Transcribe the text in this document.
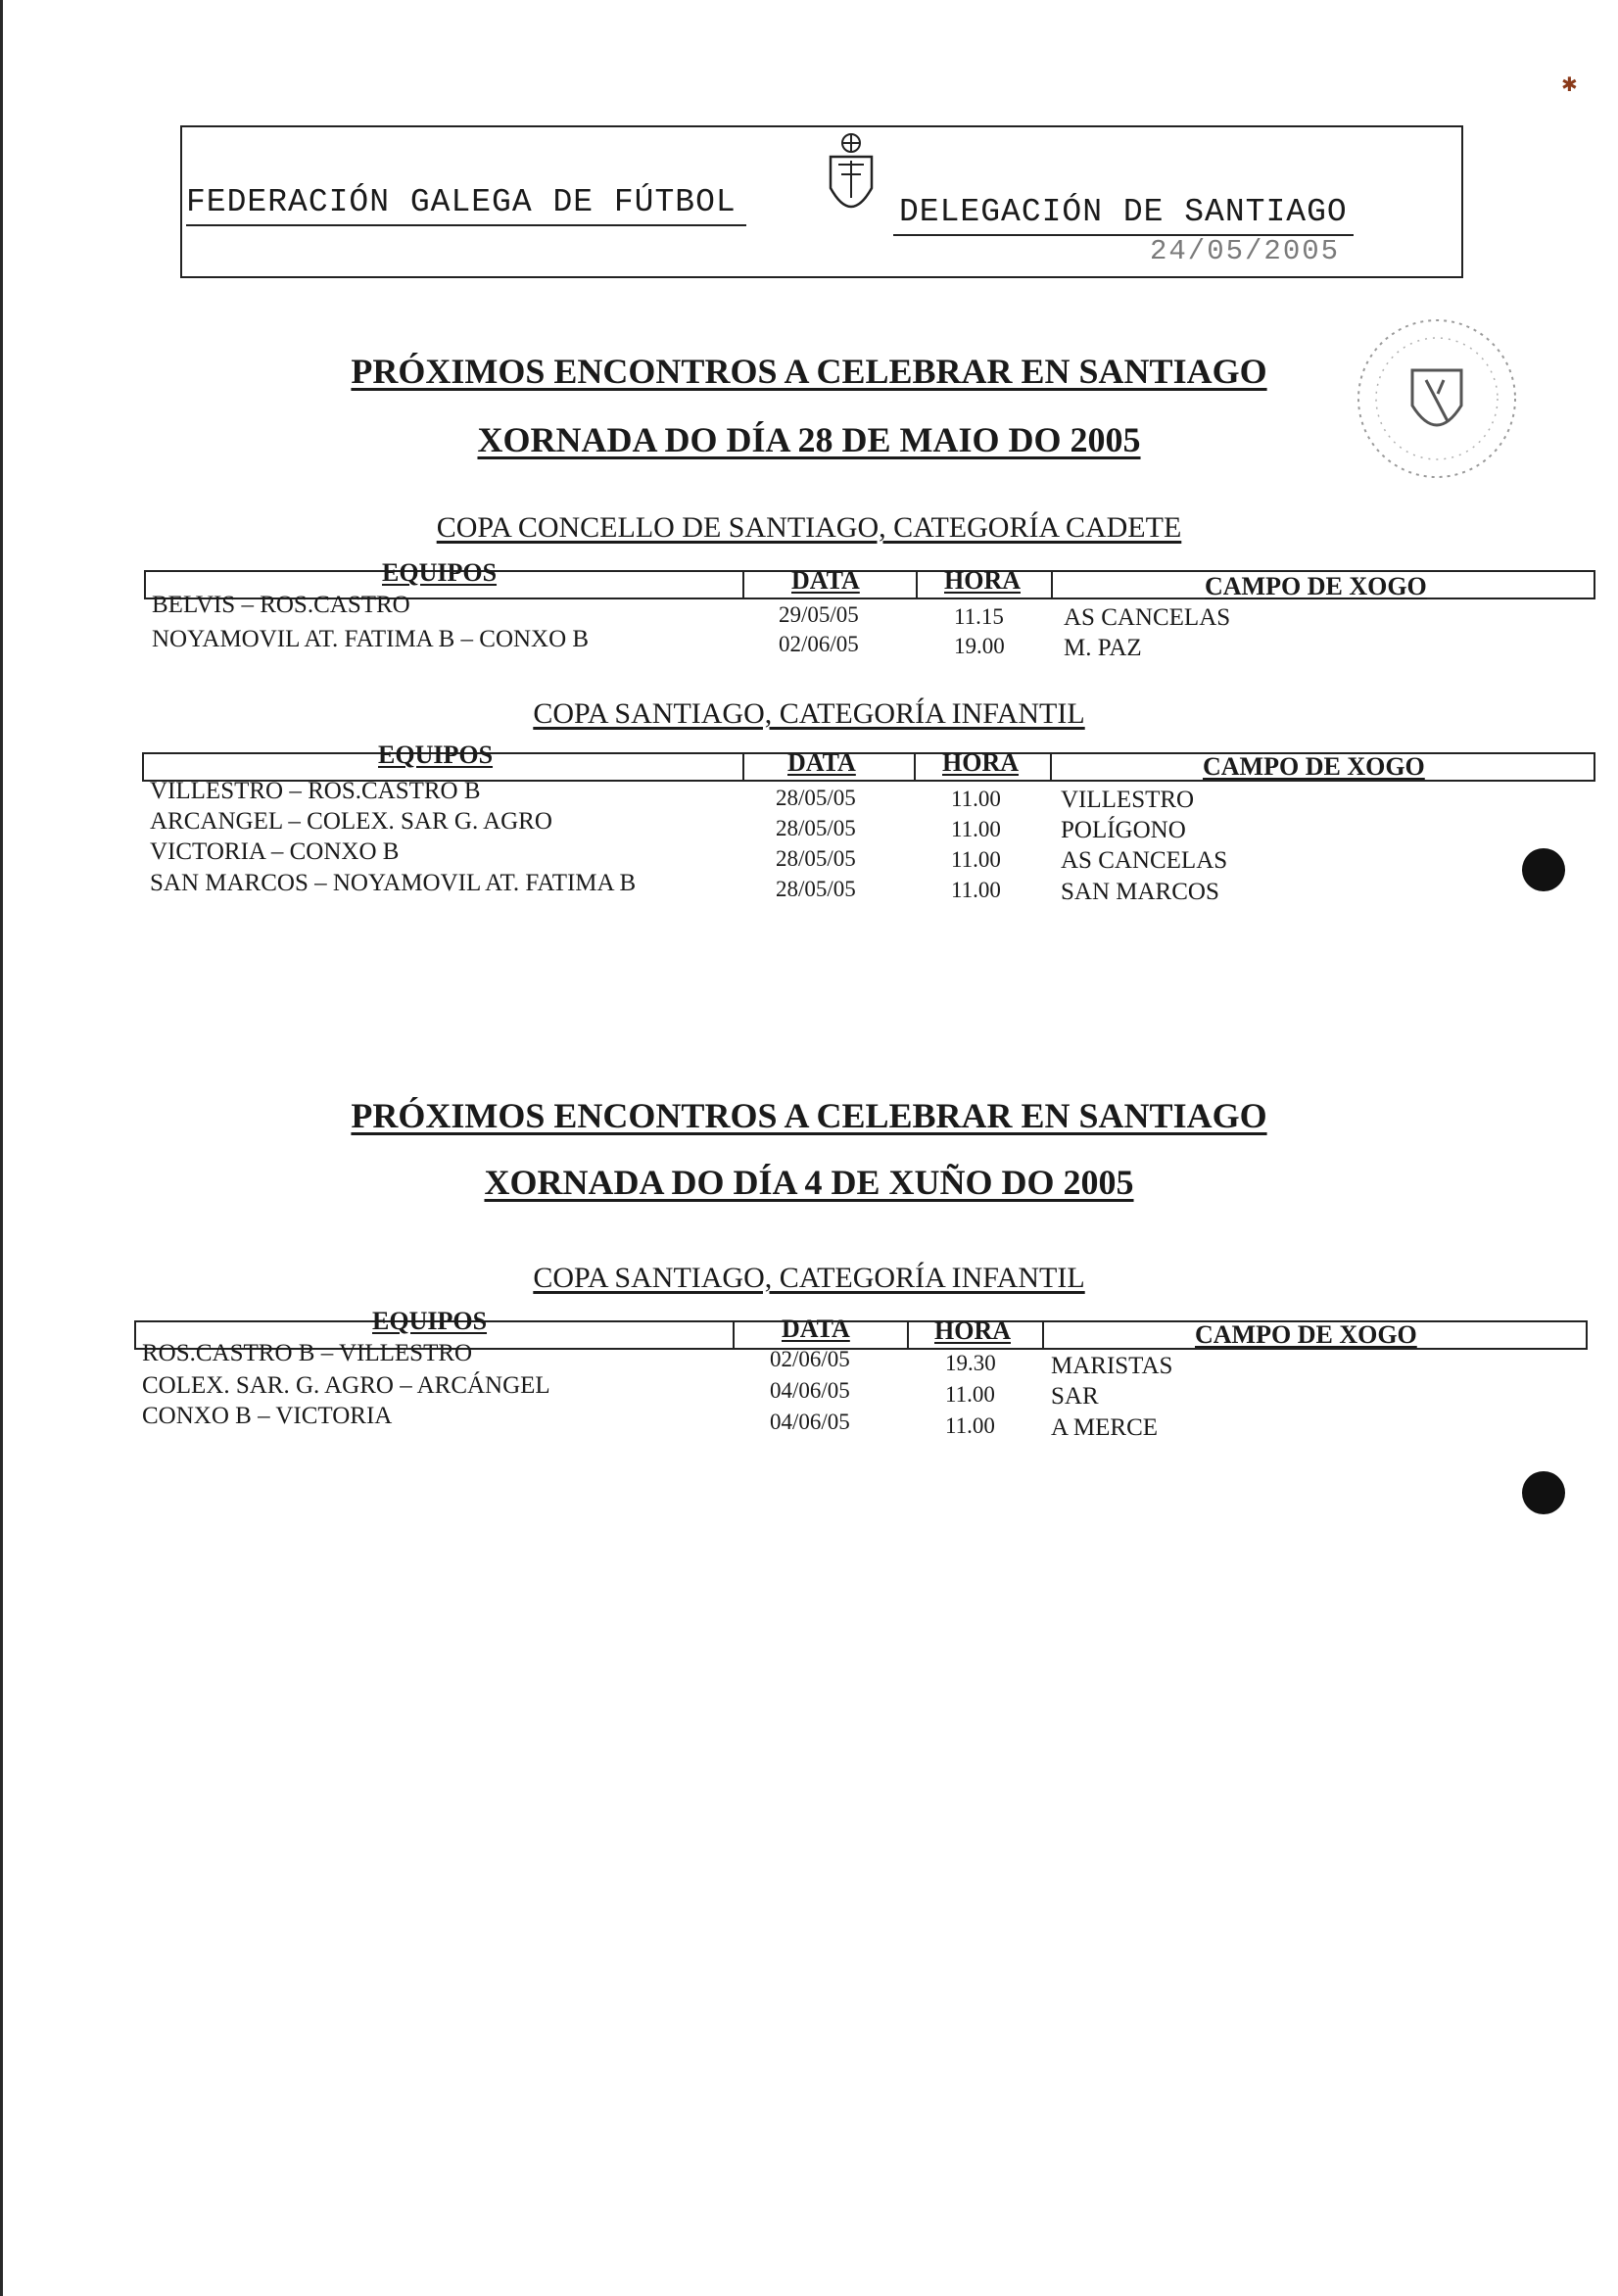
FEDERACIÓN GALEGA DE FÚTBOL	DELEGACIÓN DE SANTIAGO
24/05/2005
PRÓXIMOS ENCONTROS A CELEBRAR EN SANTIAGO
XORNADA DO DÍA 28 DE MAIO DO 2005
COPA CONCELLO DE SANTIAGO, CATEGORÍA CADETE
EQUIPOS	DATA	HORA	CAMPO DE XOGO
BELVIS – ROS.CASTRO	29/05/05	11.15 AS CANCELAS
NOYAMOVIL AT. FATIMA B – CONXO B	02/06/05	19.00 M. PAZ
COPA SANTIAGO, CATEGORÍA INFANTIL
EQUIPOS	DATA	HORA	CAMPO DE XOGO
VILLESTRO – ROS.CASTRO B	28/05/05	11.00 VILLESTRO
ARCANGEL – COLEX. SAR G. AGRO	28/05/05	11.00 POLÍGONO
VICTORIA – CONXO B	28/05/05	11.00 AS CANCELAS
SAN MARCOS – NOYAMOVIL AT. FATIMA B	28/05/05	11.00 SAN MARCOS
PRÓXIMOS ENCONTROS A CELEBRAR EN SANTIAGO
XORNADA DO DÍA 4 DE XUÑO DO 2005
COPA SANTIAGO, CATEGORÍA INFANTIL
EQUIPOS	DATA	HORA	CAMPO DE XOGO
ROS.CASTRO B – VILLESTRO	02/06/05	19.30 MARISTAS
COLEX. SAR. G. AGRO – ARCÁNGEL	04/06/05	11.00 SAR
CONXO B – VICTORIA	04/06/05	11.00 A MERCE
✱
